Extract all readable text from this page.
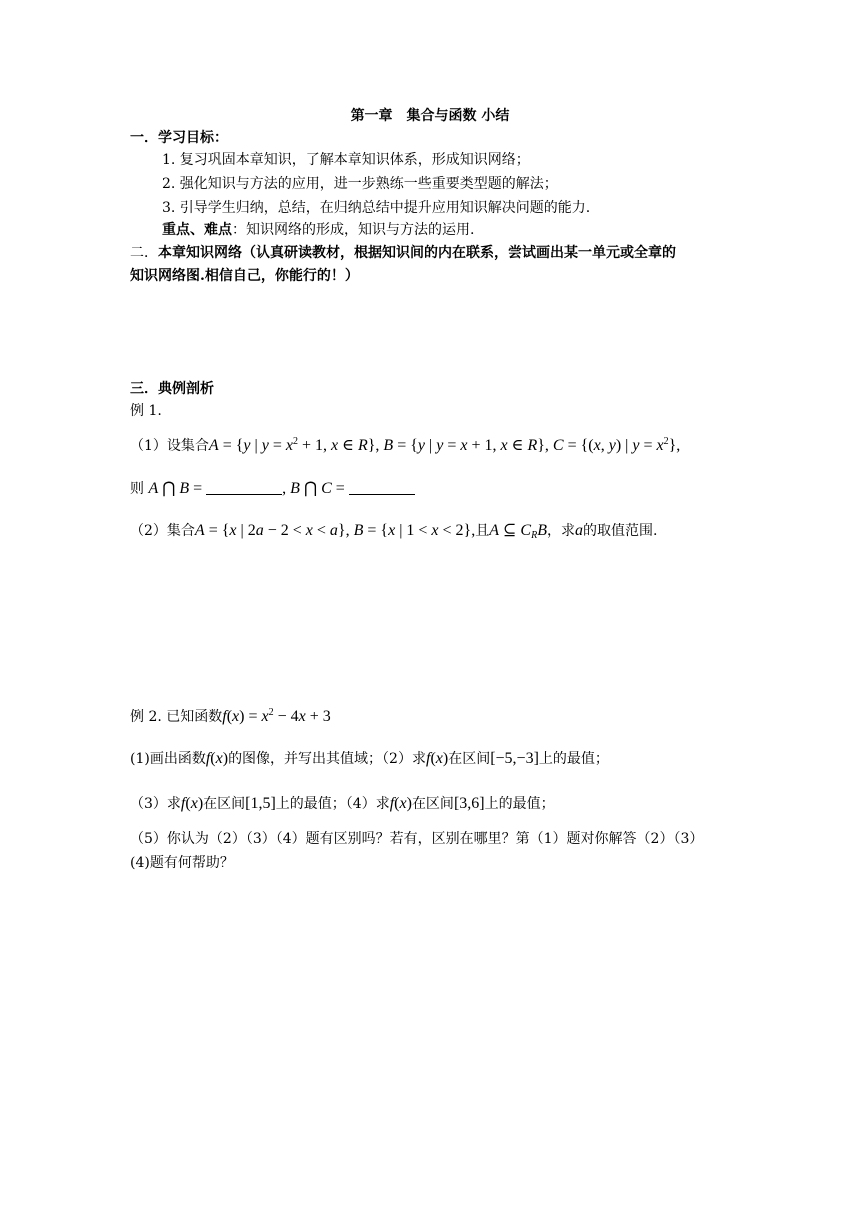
第一章　集合与函数 小结
一．学习目标：
1. 复习巩固本章知识，了解本章知识体系，形成知识网络；
2. 强化知识与方法的应用，进一步熟练一些重要类型题的解法；
3. 引导学生归纳，总结，在归纳总结中提升应用知识解决问题的能力.
重点、难点：知识网络的形成，知识与方法的运用.
二．本章知识网络（认真研读教材，根据知识间的内在联系，尝试画出某一单元或全章的
知识网络图.相信自己，你能行的！）
三．典例剖析
例 1.
（1）设集合A = {y | $y = x^2 + 1$, x ∈ R}, B = {y | y = x + 1, x ∈ R}, C = {(x, y) | $y = x^2$},
则 A ⋂ B =	, B ⋂ C =
（2）集合A = {x | 2a − 2 < x < a}, B = {x | 1 < x < 2},且A ⊆ $C_RB$，求a的取值范围.
例 2. 已知函数$f(x) = x^2 - 4x + 3$
(1)画出函数f(x)的图像，并写出其值域；（2）求f(x)在区间[−5,−3]上的最值；
（3）求f(x)在区间[1,5]上的最值；（4）求f(x)在区间[3,6]上的最值；
（5）你认为（2）（3）（4）题有区别吗？若有，区别在哪里？第（1）题对你解答（2）（3）
(4)题有何帮助？
